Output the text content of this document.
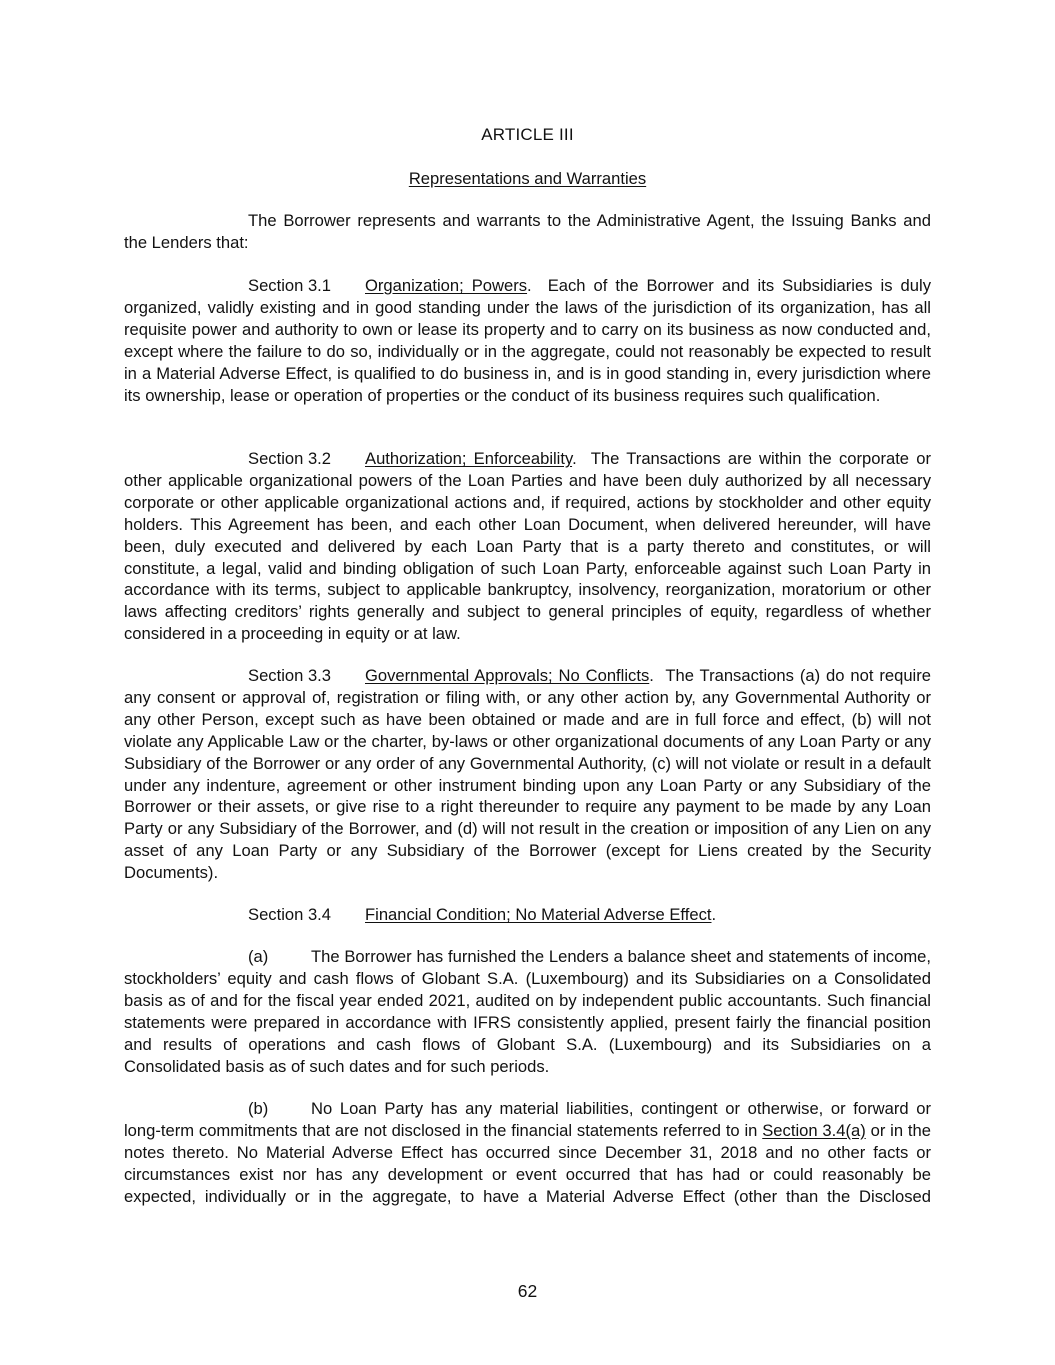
ARTICLE III
Representations and Warranties

The Borrower represents and warrants to the Administrative Agent, the Issuing Banks and the Lenders that:

Section 3.1 Organization; Powers.  Each of the Borrower and its Subsidiaries is duly organized, validly existing and in good standing under the laws of the jurisdiction of its organization, has all requisite power and authority to own or lease its property and to carry on its business as now conducted and, except where the failure to do so, individually or in the aggregate, could not reasonably be expected to result in a Material Adverse Effect, is qualified to do business in, and is in good standing in, every jurisdiction where its ownership, lease or operation of properties or the conduct of its business requires such qualification.

Section 3.2 Authorization; Enforceability.  The Transactions are within the corporate or other applicable organizational powers of the Loan Parties and have been duly authorized by all necessary corporate or other applicable organizational actions and, if required, actions by stockholder and other equity holders. This Agreement has been, and each other Loan Document, when delivered hereunder, will have been, duly executed and delivered by each Loan Party that is a party thereto and constitutes, or will constitute, a legal, valid and binding obligation of such Loan Party, enforceable against such Loan Party in accordance with its terms, subject to applicable bankruptcy, insolvency, reorganization, moratorium or other laws affecting creditors’ rights generally and subject to general principles of equity, regardless of whether considered in a proceeding in equity or at law.

Section 3.3 Governmental Approvals; No Conflicts.  The Transactions (a) do not require any consent or approval of, registration or filing with, or any other action by, any Governmental Authority or any other Person, except such as have been obtained or made and are in full force and effect, (b) will not violate any Applicable Law or the charter, by-laws or other organizational documents of any Loan Party or any Subsidiary of the Borrower or any order of any Governmental Authority, (c) will not violate or result in a default under any indenture, agreement or other instrument binding upon any Loan Party or any Subsidiary of the Borrower or their assets, or give rise to a right thereunder to require any payment to be made by any Loan Party or any Subsidiary of the Borrower, and (d) will not result in the creation or imposition of any Lien on any asset of any Loan Party or any Subsidiary of the Borrower (except for Liens created by the Security Documents).

Section 3.4 Financial Condition; No Material Adverse Effect.

(a)	The Borrower has furnished the Lenders a balance sheet and statements of income, stockholders’ equity and cash flows of Globant S.A. (Luxembourg) and its Subsidiaries on a Consolidated basis as of and for the fiscal year ended 2021, audited on by independent public accountants. Such financial statements were prepared in accordance with IFRS consistently applied, present fairly the financial position and results of operations and cash flows of Globant S.A. (Luxembourg) and its Subsidiaries on a Consolidated basis as of such dates and for such periods.

(b)	No Loan Party has any material liabilities, contingent or otherwise, or forward or long-term commitments that are not disclosed in the financial statements referred to in Section 3.4(a) or in the notes thereto. No Material Adverse Effect has occurred since December 31, 2018 and no other facts or circumstances exist nor has any development or event occurred that has had or could reasonably be expected, individually or in the aggregate, to have a Material Adverse Effect (other than the Disclosed

62
